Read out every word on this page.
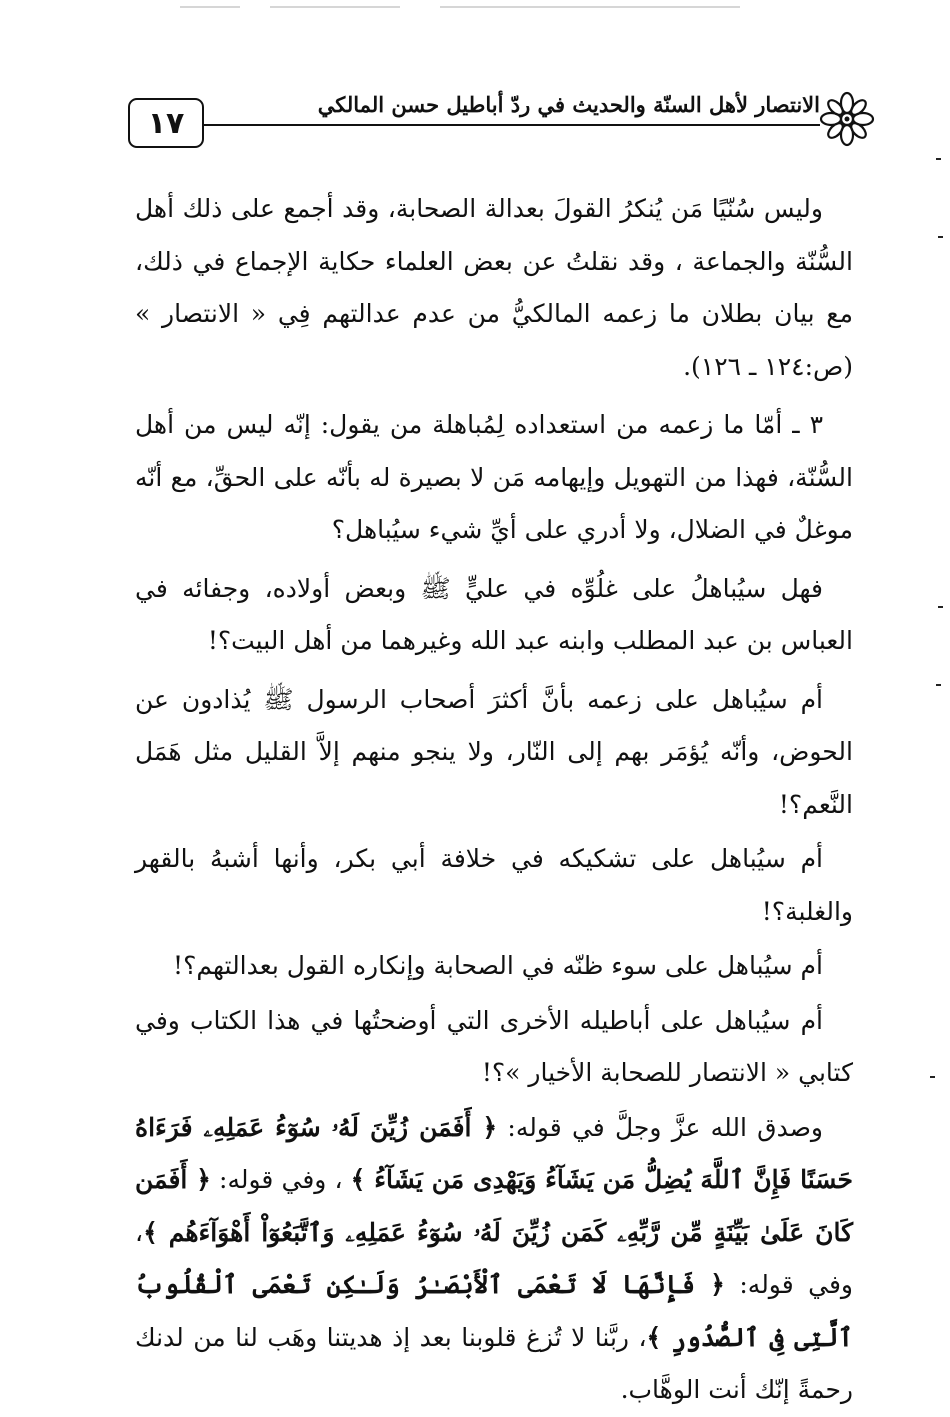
١٧
الانتصار لأهل السنّة والحديث في ردّ أباطيل حسن المالكي

وليس سُنّيًا مَن يُنكرُ القولَ بعدالة الصحابة، وقد أجمع على ذلك أهل السُّنّة والجماعة ، وقد نقلتُ عن بعض العلماء حكاية الإجماع في ذلك، مع بيان بطلان ما زعمه المالكيُّ من عدم عدالتهم فِي « الانتصار » (ص:١٢٤ ـ ١٢٦).

٣ ـ أمّا ما زعمه من استعداده لِمُباهلة من يقول: إنّه ليس من أهل السُّنّة، فهذا من التهويل وإيهامه مَن لا بصيرة له بأنّه على الحقِّ، مع أنّه موغلٌ في الضلال، ولا أدري على أيِّ شيء سيُباهل؟

فهل سيُباهلُ على غلُوِّه في عليٍّ ﷺ وبعض أولاده، وجفائه في العباس بن عبد المطلب وابنه عبد الله وغيرهما من أهل البيت؟!

أم سيُباهل على زعمه بأنَّ أكثرَ أصحاب الرسول ﷺ يُذادون عن الحوض، وأنّه يُؤمَر بهم إلى النّار، ولا ينجو منهم إلاَّ القليل مثل هَمَل النَّعم؟!

أم سيُباهل على تشكيكه في خلافة أبي بكر، وأنها أشبهُ بالقهر والغلبة؟!

أم سيُباهل على سوء ظنّه في الصحابة وإنكاره القول بعدالتهم؟!

أم سيُباهل على أباطيله الأخرى التي أوضحتُها في هذا الكتاب وفي كتابي « الانتصار للصحابة الأخيار »؟!

وصدق الله عزَّ وجلَّ في قوله: ﴿ أَفَمَن زُيِّنَ لَهُۥ سُوٓءُ عَمَلِهِۦ فَرَءَاهُ حَسَنًا فَإِنَّ ٱللَّهَ يُضِلُّ مَن يَشَآءُ وَيَهْدِى مَن يَشَآءُ ﴾ ، وفي قوله: ﴿ أَفَمَن كَانَ عَلَىٰ بَيِّنَةٍ مِّن رَّبِّهِۦ كَمَن زُيِّنَ لَهُۥ سُوٓءُ عَمَلِهِۦ وَٱتَّبَعُوٓاْ أَهْوَآءَهُم ﴾، وفي قوله: ﴿ فَإِنَّهَا لَا تَعْمَى ٱلْأَبْصَـٰرُ وَلَـٰكِن تَعْمَى ٱلْقُلُوبُ ٱلَّتِى فِى ٱلصُّدُورِ ﴾، ربَّنا لا تُزغ قلوبنا بعد إذ هديتنا وهَب لنا من لدنك رحمةً إنّك أنت الوهَّاب.
